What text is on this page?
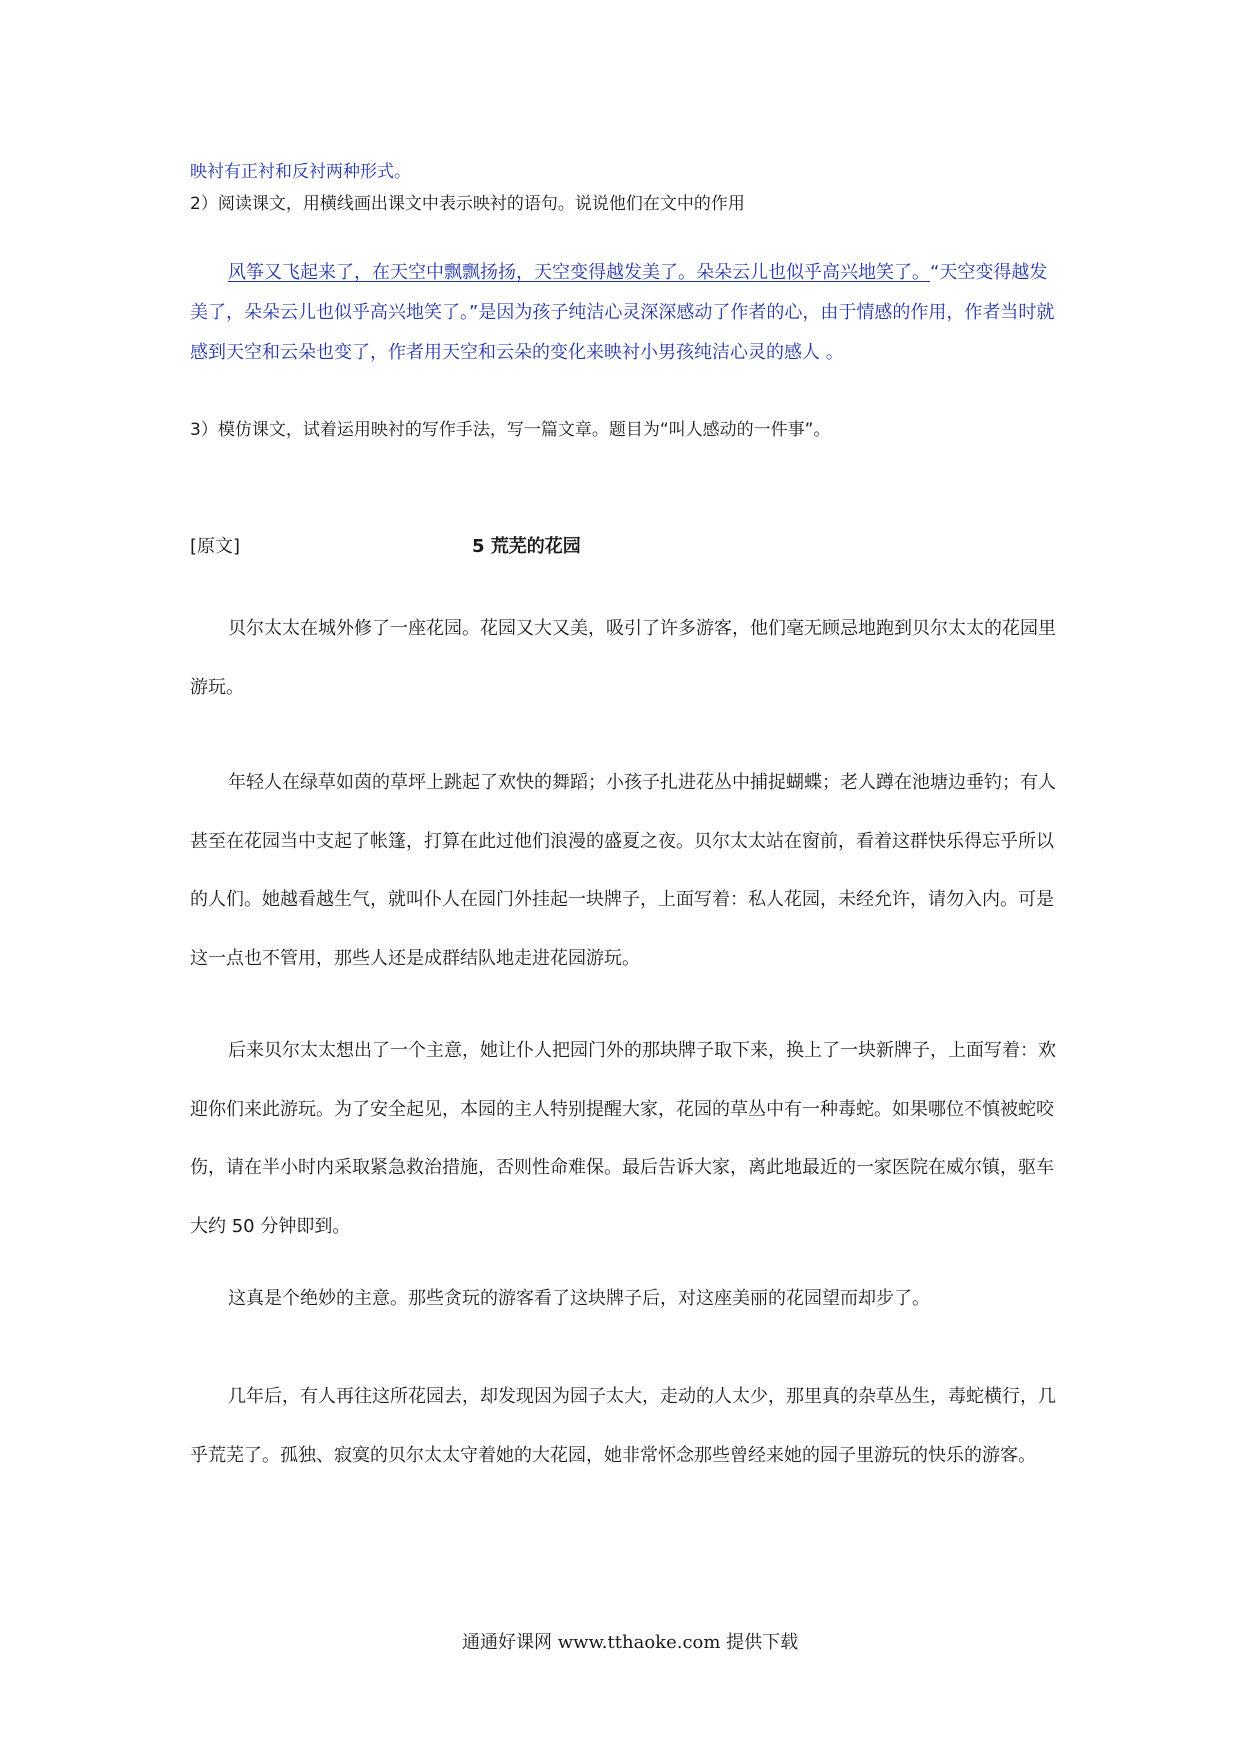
映衬有正衬和反衬两种形式。
2）阅读课文，用横线画出课文中表示映衬的语句。说说他们在文中的作用

风筝又飞起来了，在天空中飘飘扬扬，天空变得越发美了。朵朵云儿也似乎高兴地笑了。“天空变得越发美了，朵朵云儿也似乎高兴地笑了。”是因为孩子纯洁心灵深深感动了作者的心，由于情感的作用，作者当时就感到天空和云朵也变了，作者用天空和云朵的变化来映衬小男孩纯洁心灵的感人 。

3）模仿课文，试着运用映衬的写作手法，写一篇文章。题目为“叫人感动的一件事”。
[原文]	5 荒芜的花园

贝尔太太在城外修了一座花园。花园又大又美，吸引了许多游客，他们毫无顾忌地跑到贝尔太太的花园里游玩。

年轻人在绿草如茵的草坪上跳起了欢快的舞蹈；小孩子扎进花丛中捕捉蝴蝶；老人蹲在池塘边垂钓；有人甚至在花园当中支起了帐篷，打算在此过他们浪漫的盛夏之夜。贝尔太太站在窗前，看着这群快乐得忘乎所以的人们。她越看越生气，就叫仆人在园门外挂起一块牌子，上面写着：私人花园，未经允许，请勿入内。可是这一点也不管用，那些人还是成群结队地走进花园游玩。

后来贝尔太太想出了一个主意，她让仆人把园门外的那块牌子取下来，换上了一块新牌子，上面写着：欢迎你们来此游玩。为了安全起见，本园的主人特别提醒大家，花园的草丛中有一种毒蛇。如果哪位不慎被蛇咬伤，请在半小时内采取紧急救治措施，否则性命难保。最后告诉大家，离此地最近的一家医院在威尔镇，驱车大约 50 分钟即到。

这真是个绝妙的主意。那些贪玩的游客看了这块牌子后，对这座美丽的花园望而却步了。

几年后，有人再往这所花园去，却发现因为园子太大，走动的人太少，那里真的杂草丛生，毒蛇横行，几乎荒芜了。孤独、寂寞的贝尔太太守着她的大花园，她非常怀念那些曾经来她的园子里游玩的快乐的游客。

通通好课网 www.tthaoke.com 提供下载
